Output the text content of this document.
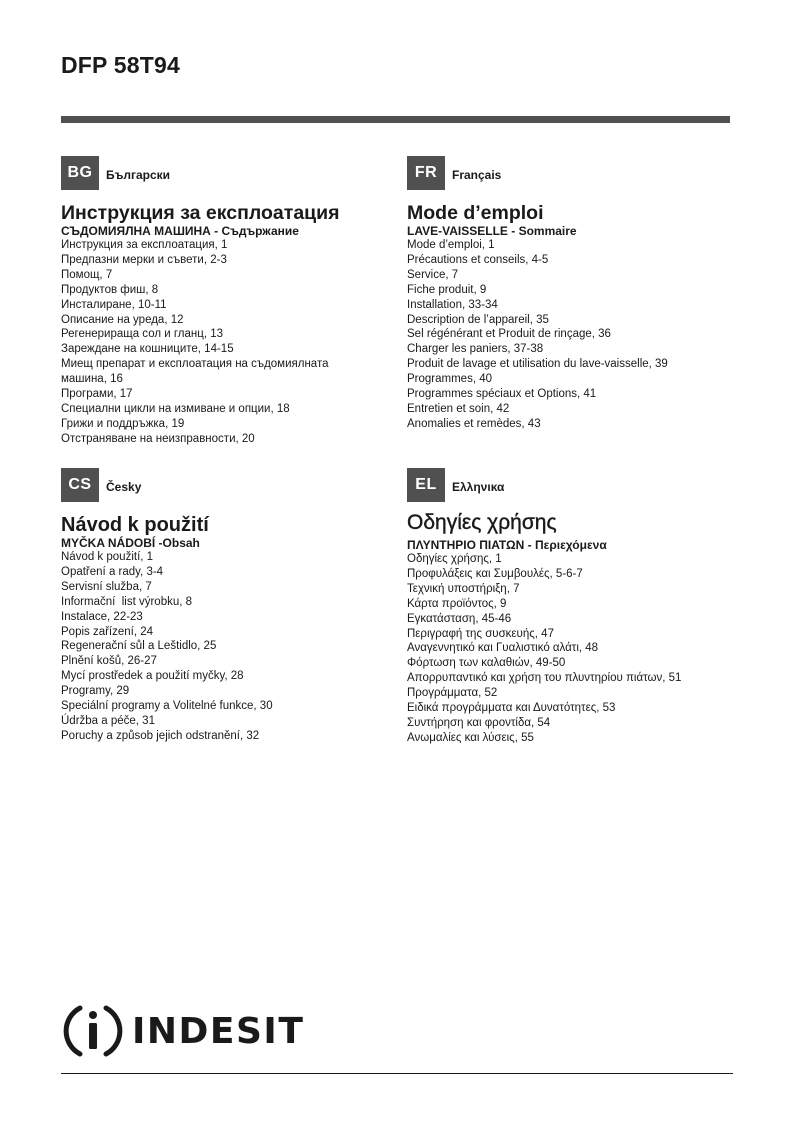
DFP 58T94
BG	Български
Инструкция за експлоатация
СЪДОМИЯЛНА МАШИНА - Съдържание
Инструкция за експлоатация, 1
Предпазни мерки и съвети, 2-3
Помощ, 7
Продуктов фиш, 8
Инсталиране, 10-11
Описание на уреда, 12
Регенерираща сол и гланц, 13
Зареждане на кошниците, 14-15
Миещ препарат и експлоатация на съдомиялната машина, 16
Програми, 17
Специални цикли на измиване и опции, 18
Грижи и поддръжка, 19
Отстраняване на неизправности, 20
FR	Français
Mode d’emploi
LAVE-VAISSELLE - Sommaire
Mode d’emploi, 1
Précautions et conseils, 4-5
Service, 7
Fiche produit, 9
Installation, 33-34
Description de l’appareil, 35
Sel régénérant et Produit de rinçage, 36
Charger les paniers, 37-38
Produit de lavage et utilisation du lave-vaisselle, 39
Programmes, 40
Programmes spéciaux et Options, 41
Entretien et soin, 42
Anomalies et remèdes, 43
CS	Česky
Návod k použití
MYČKA NÁDOBÍ -Obsah
Návod k použití, 1
Opatření a rady, 3-4
Servisní služba, 7
Informační  list výrobku, 8
Instalace, 22-23
Popis zařízení, 24
Regenerační sůl a Leštidlo, 25
Plnění košů, 26-27
Mycí prostředek a použití myčky, 28
Programy, 29
Speciální programy a Volitelné funkce, 30
Údržba a péče, 31
Poruchy a způsob jejich odstranění, 32
EL	Ελληνικα
Οδηγίες χρήσης
ΠΛΥΝΤΗΡΙΟ ΠΙΑΤΩΝ - Περιεχόμενα
Οδηγίες χρήσης, 1
Προφυλάξεις και Συμβουλές, 5-6-7
Τεχνική υποστήριξη, 7
Κάρτα προϊόντος, 9
Εγκατάσταση, 45-46
Περιγραφή της συσκευής, 47
Αναγεννητικό και Γυαλιστικό αλάτι, 48
Φόρτωση των καλαθιών, 49-50
Απορρυπαντικό και χρήση του πλυντηρίου πιάτων, 51
Προγράμματα, 52
Ειδικά προγράμματα και Δυνατότητες, 53
Συντήρηση και φροντίδα, 54
Ανωμαλίες και λύσεις, 55
INDESIT
